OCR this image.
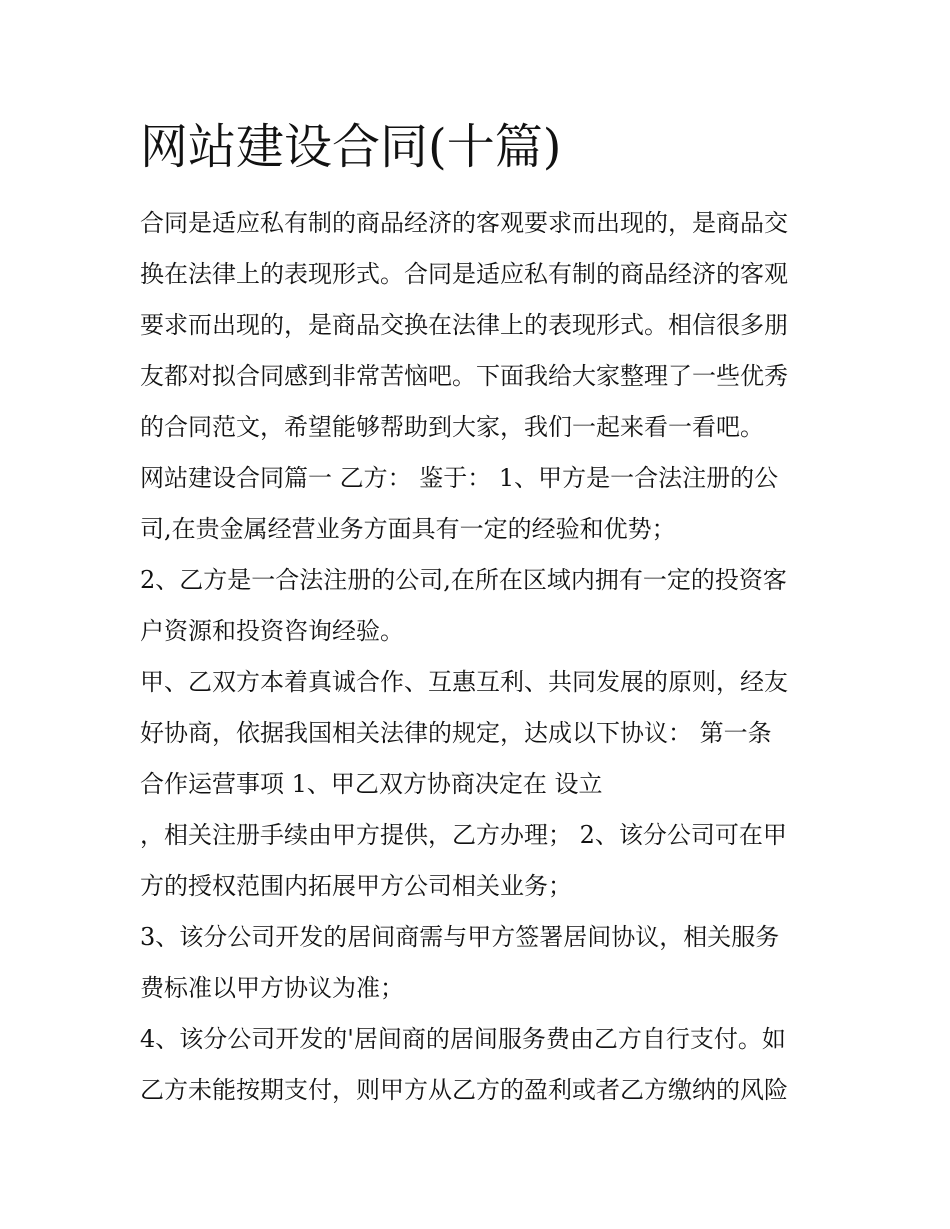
网站建设合同(十篇)
合同是适应私有制的商品经济的客观要求而出现的，是商品交
换在法律上的表现形式。合同是适应私有制的商品经济的客观
要求而出现的，是商品交换在法律上的表现形式。相信很多朋
友都对拟合同感到非常苦恼吧。下面我给大家整理了一些优秀
的合同范文，希望能够帮助到大家，我们一起来看一看吧。
网站建设合同篇一 乙方： 鉴于： 1、甲方是一合法注册的公
司,在贵金属经营业务方面具有一定的经验和优势；
2、乙方是一合法注册的公司,在所在区域内拥有一定的投资客
户资源和投资咨询经验。
甲、乙双方本着真诚合作、互惠互利、共同发展的原则，经友
好协商，依据我国相关法律的规定，达成以下协议： 第一条
合作运营事项 1、甲乙双方协商决定在 设立
，相关注册手续由甲方提供，乙方办理； 2、该分公司可在甲
方的授权范围内拓展甲方公司相关业务；
3、该分公司开发的居间商需与甲方签署居间协议，相关服务
费标准以甲方协议为准；
4、该分公司开发的'居间商的居间服务费由乙方自行支付。如
乙方未能按期支付，则甲方从乙方的盈利或者乙方缴纳的风险
